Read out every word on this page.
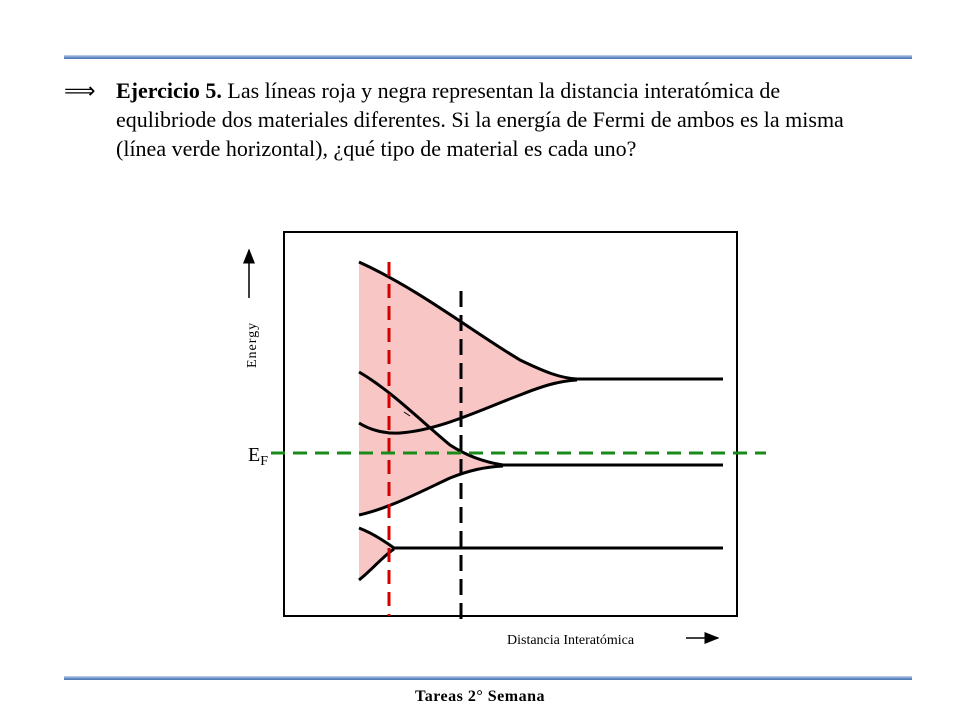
⟹ Ejercicio 5. Las líneas roja y negra representan la distancia interatómica de equlibriode dos materiales diferentes. Si la energía de Fermi de ambos es la misma (línea verde horizontal), ¿qué tipo de material es cada uno?
$E_F$
Energy
Distancia Interatómica
Tareas 2° Semana
